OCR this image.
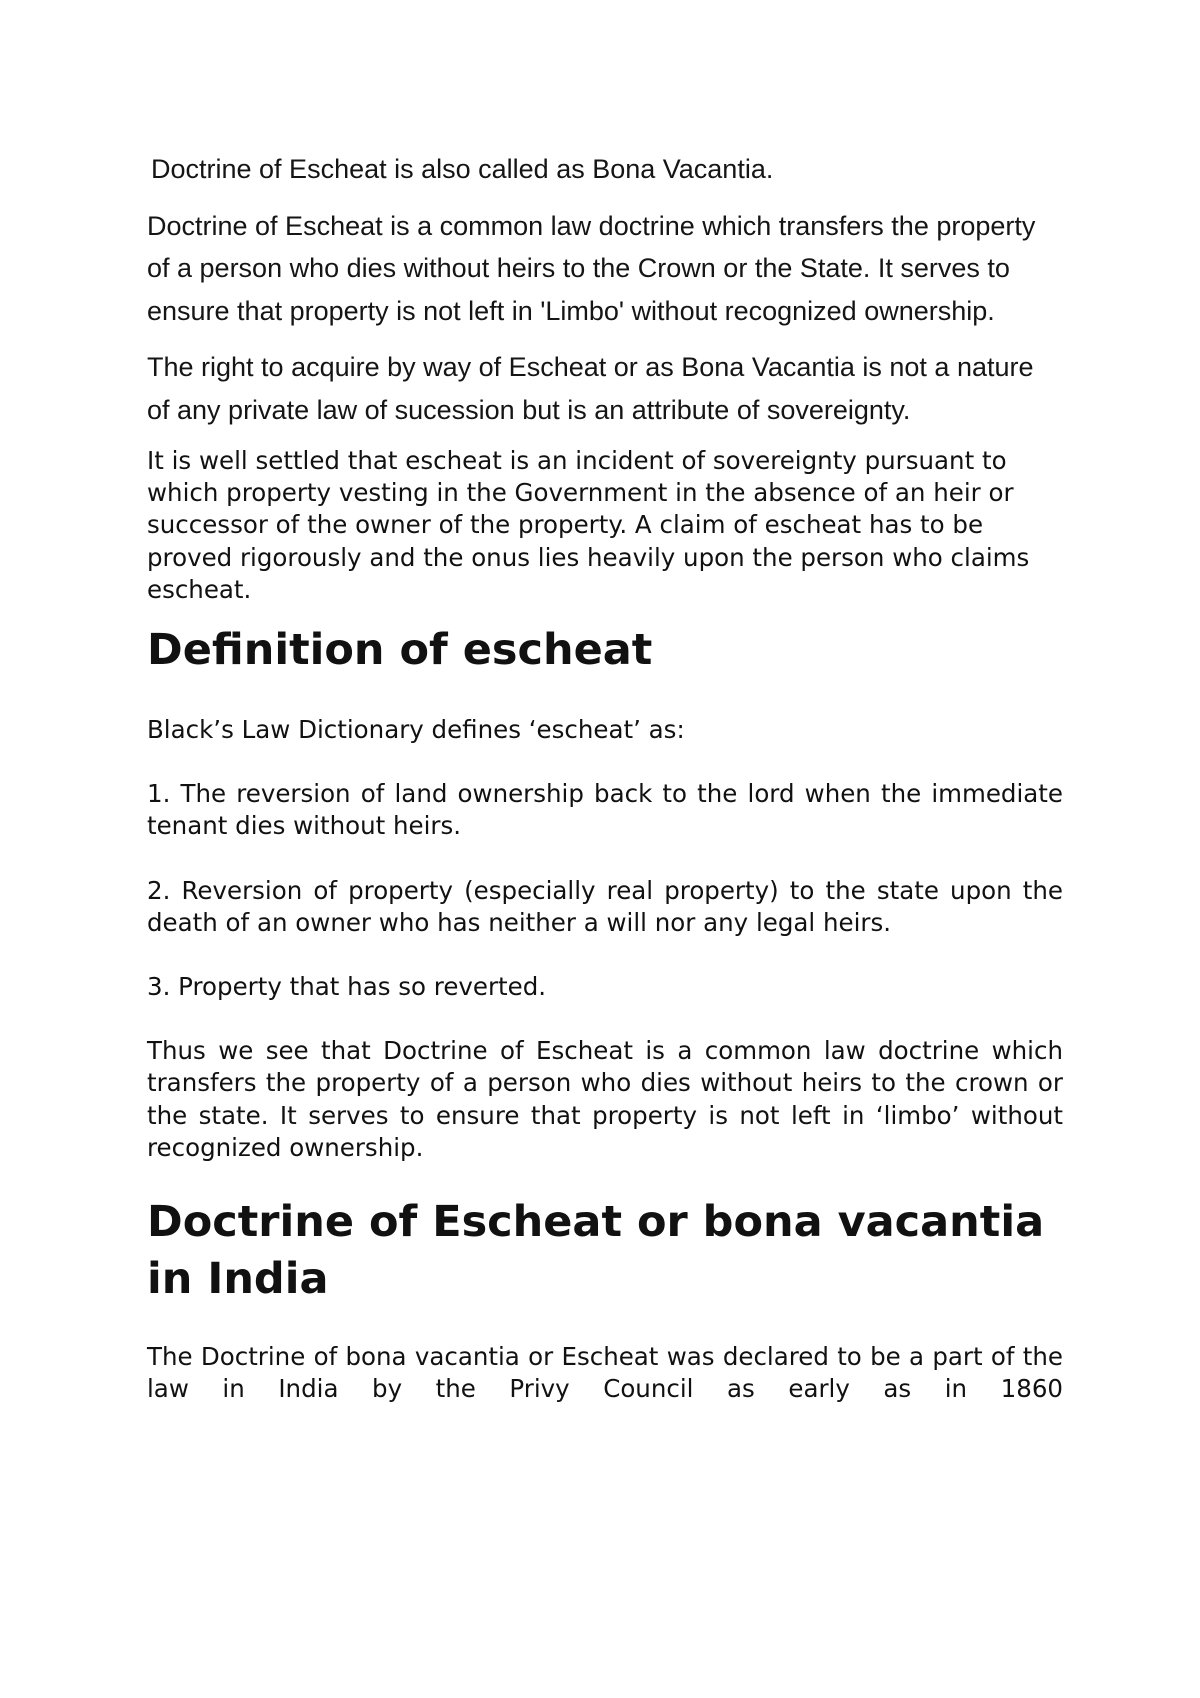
Doctrine of Escheat is also called as Bona Vacantia.

Doctrine of Escheat is a common law doctrine which transfers the property of a person who dies without heirs to the Crown or the State. It serves to ensure that property is not left in 'Limbo' without recognized ownership.

The right to acquire by way of Escheat or as Bona Vacantia is not a nature of any private law of sucession but is an attribute of sovereignty.

It is well settled that escheat is an incident of sovereignty pursuant to which property vesting in the Government in the absence of an heir or successor of the owner of the property. A claim of escheat has to be proved rigorously and the onus lies heavily upon the person who claims escheat.

Definition of escheat

Black’s Law Dictionary defines ‘escheat’ as:

1. The reversion of land ownership back to the lord when the immediate tenant dies without heirs.

2. Reversion of property (especially real property) to the state upon the death of an owner who has neither a will nor any legal heirs.

3. Property that has so reverted.

Thus we see that Doctrine of Escheat is a common law doctrine which transfers the property of a person who dies without heirs to the crown or the state. It serves to ensure that property is not left in ‘limbo’ without recognized ownership.

Doctrine of Escheat or bona vacantia in India

The Doctrine of bona vacantia or Escheat was declared to be a part of the law in India by the Privy Council as early as in 1860
